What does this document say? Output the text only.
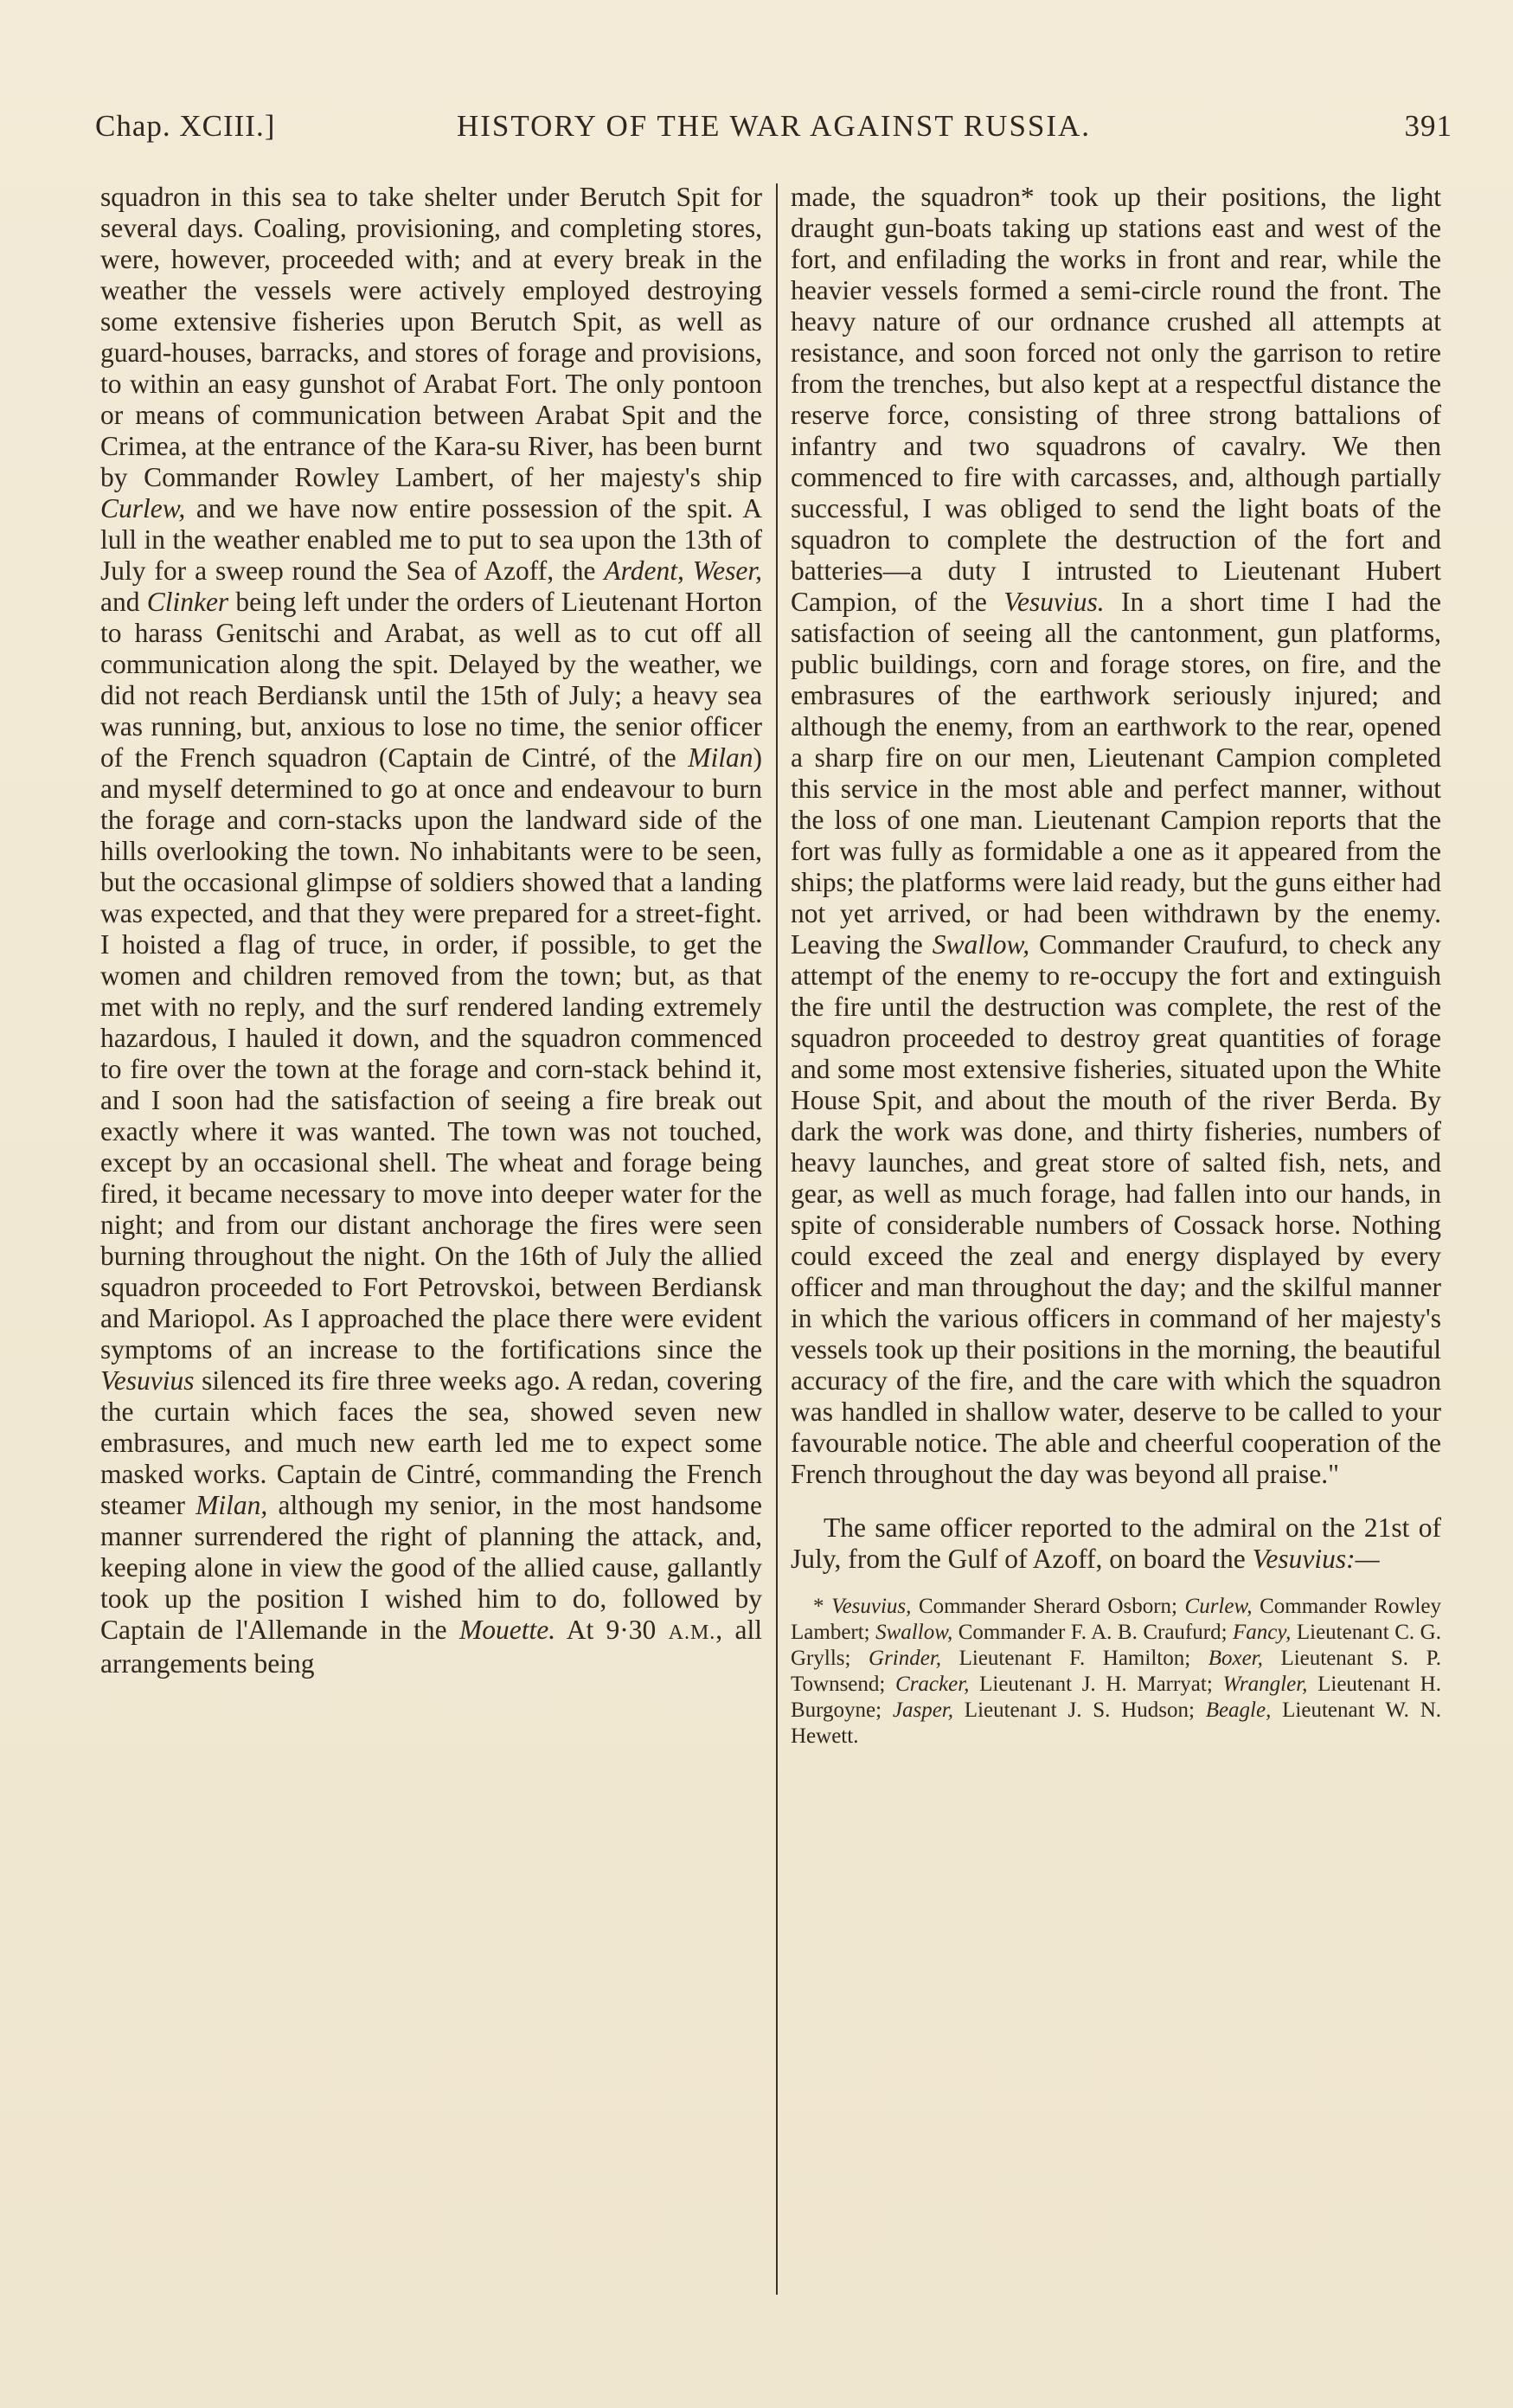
Chap. XCIII.]	HISTORY OF THE WAR AGAINST RUSSIA.	391

squadron in this sea to take shelter under Berutch Spit for several days. Coaling, provisioning, and completing stores, were, however, proceeded with; and at every break in the weather the vessels were actively employed destroying some extensive fisheries upon Berutch Spit, as well as guard-houses, barracks, and stores of forage and provisions, to within an easy gunshot of Arabat Fort. The only pontoon or means of communication between Arabat Spit and the Crimea, at the entrance of the Kara-su River, has been burnt by Commander Rowley Lambert, of her majesty's ship Curlew, and we have now entire possession of the spit. A lull in the weather enabled me to put to sea upon the 13th of July for a sweep round the Sea of Azoff, the Ardent, Weser, and Clinker being left under the orders of Lieutenant Horton to harass Genitschi and Arabat, as well as to cut off all communication along the spit. Delayed by the weather, we did not reach Berdiansk until the 15th of July; a heavy sea was running, but, anxious to lose no time, the senior officer of the French squadron (Captain de Cintré, of the Milan) and myself determined to go at once and endeavour to burn the forage and corn-stacks upon the landward side of the hills overlooking the town. No inhabitants were to be seen, but the occasional glimpse of soldiers showed that a landing was expected, and that they were prepared for a street-fight. I hoisted a flag of truce, in order, if possible, to get the women and children removed from the town; but, as that met with no reply, and the surf rendered landing extremely hazardous, I hauled it down, and the squadron commenced to fire over the town at the forage and corn-stack behind it, and I soon had the satisfaction of seeing a fire break out exactly where it was wanted. The town was not touched, except by an occasional shell. The wheat and forage being fired, it became necessary to move into deeper water for the night; and from our distant anchorage the fires were seen burning throughout the night. On the 16th of July the allied squadron proceeded to Fort Petrovskoi, between Berdiansk and Mariopol. As I approached the place there were evident symptoms of an increase to the fortifications since the Vesuvius silenced its fire three weeks ago. A redan, covering the curtain which faces the sea, showed seven new embrasures, and much new earth led me to expect some masked works. Captain de Cintré, commanding the French steamer Milan, although my senior, in the most handsome manner surrendered the right of planning the attack, and, keeping alone in view the good of the allied cause, gallantly took up the position I wished him to do, followed by Captain de l'Allemande in the Mouette. At 9·30 A.M., all arrangements being

made, the squadron* took up their positions, the light draught gun-boats taking up stations east and west of the fort, and enfilading the works in front and rear, while the heavier vessels formed a semi-circle round the front. The heavy nature of our ordnance crushed all attempts at resistance, and soon forced not only the garrison to retire from the trenches, but also kept at a respectful distance the reserve force, consisting of three strong battalions of infantry and two squadrons of cavalry. We then commenced to fire with carcasses, and, although partially successful, I was obliged to send the light boats of the squadron to complete the destruction of the fort and batteries—a duty I intrusted to Lieutenant Hubert Campion, of the Vesuvius. In a short time I had the satisfaction of seeing all the cantonment, gun platforms, public buildings, corn and forage stores, on fire, and the embrasures of the earthwork seriously injured; and although the enemy, from an earthwork to the rear, opened a sharp fire on our men, Lieutenant Campion completed this service in the most able and perfect manner, without the loss of one man. Lieutenant Campion reports that the fort was fully as formidable a one as it appeared from the ships; the platforms were laid ready, but the guns either had not yet arrived, or had been withdrawn by the enemy. Leaving the Swallow, Commander Craufurd, to check any attempt of the enemy to re-occupy the fort and extinguish the fire until the destruction was complete, the rest of the squadron proceeded to destroy great quantities of forage and some most extensive fisheries, situated upon the White House Spit, and about the mouth of the river Berda. By dark the work was done, and thirty fisheries, numbers of heavy launches, and great store of salted fish, nets, and gear, as well as much forage, had fallen into our hands, in spite of considerable numbers of Cossack horse. Nothing could exceed the zeal and energy displayed by every officer and man throughout the day; and the skilful manner in which the various officers in command of her majesty's vessels took up their positions in the morning, the beautiful accuracy of the fire, and the care with which the squadron was handled in shallow water, deserve to be called to your favourable notice. The able and cheerful cooperation of the French throughout the day was beyond all praise."

The same officer reported to the admiral on the 21st of July, from the Gulf of Azoff, on board the Vesuvius:—

* Vesuvius, Commander Sherard Osborn; Curlew, Commander Rowley Lambert; Swallow, Commander F. A. B. Craufurd; Fancy, Lieutenant C. G. Grylls; Grinder, Lieutenant F. Hamilton; Boxer, Lieutenant S. P. Townsend; Cracker, Lieutenant J. H. Marryat; Wrangler, Lieutenant H. Burgoyne; Jasper, Lieutenant J. S. Hudson; Beagle, Lieutenant W. N. Hewett.
